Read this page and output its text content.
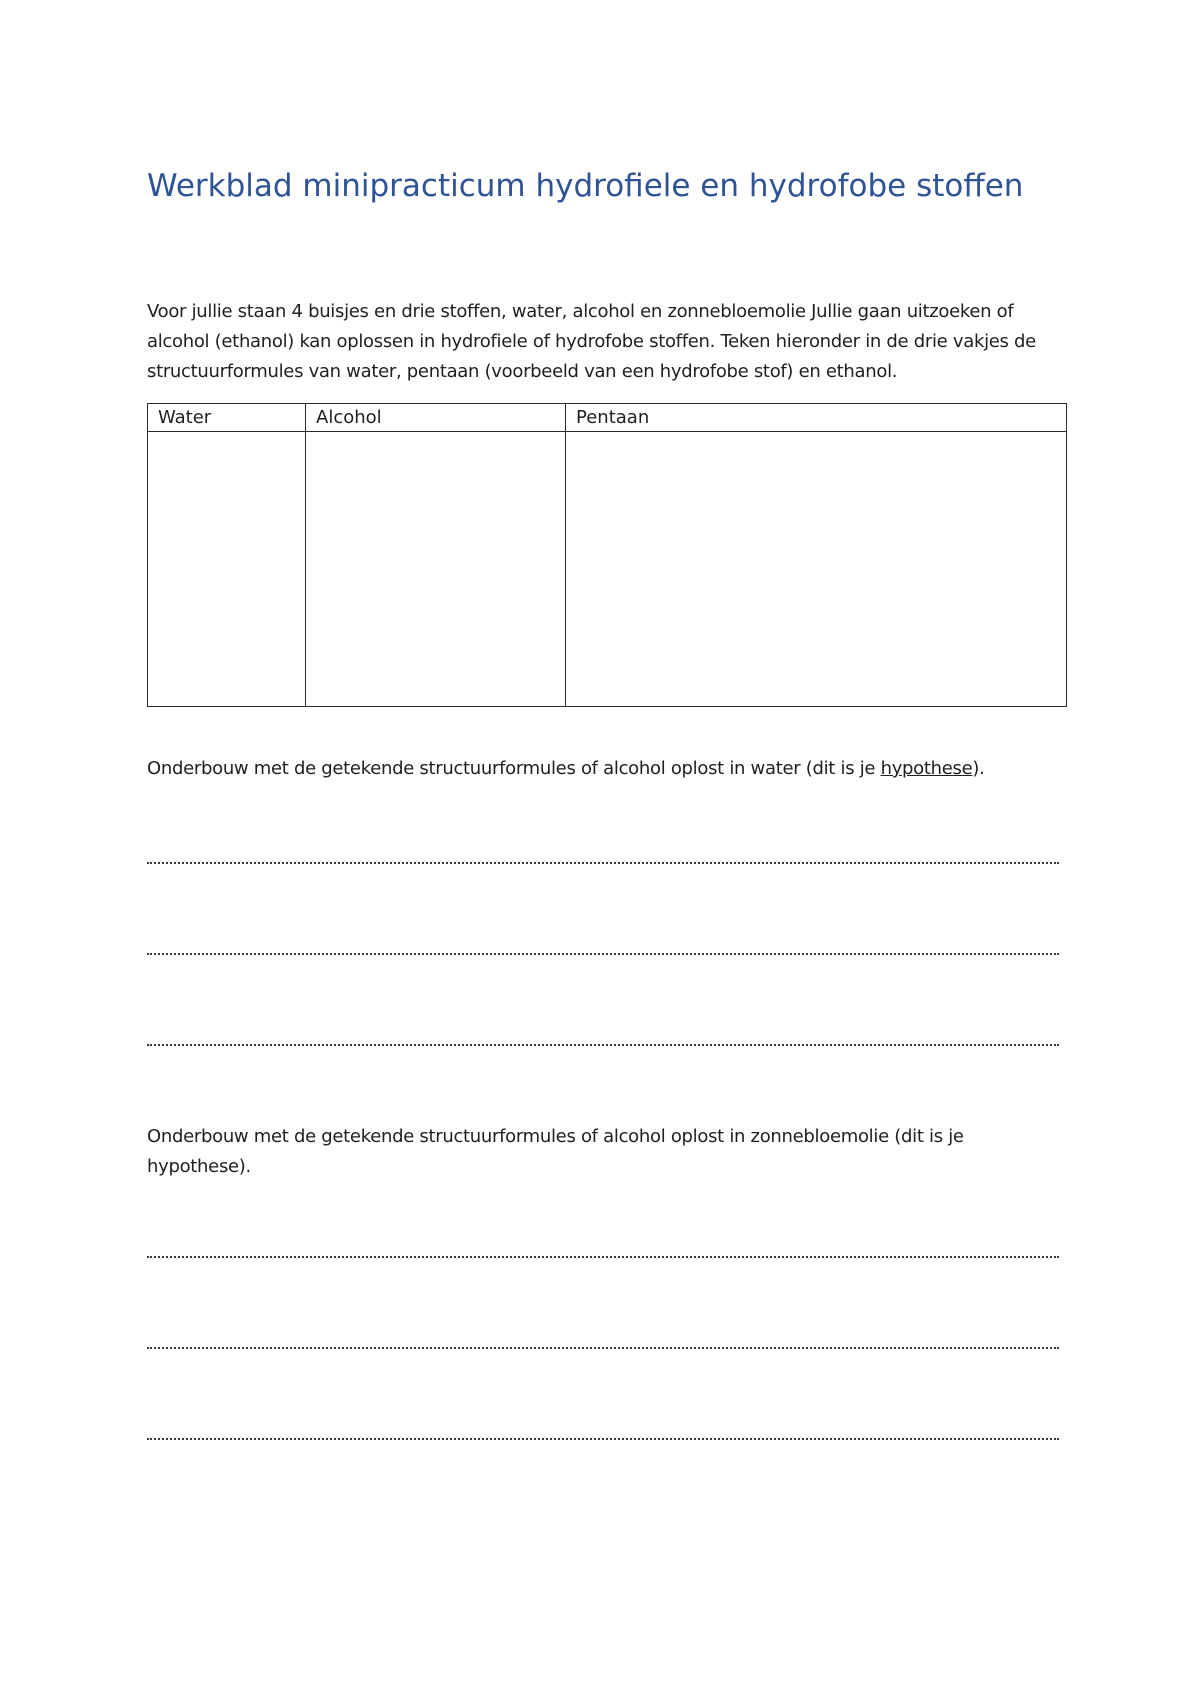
Werkblad minipracticum hydrofiele en hydrofobe stoffen

Voor jullie staan 4 buisjes en drie stoffen, water, alcohol en zonnebloemolie Jullie gaan uitzoeken of alcohol (ethanol) kan oplossen in hydrofiele of hydrofobe stoffen. Teken hieronder in de drie vakjes de structuurformules van water, pentaan (voorbeeld van een hydrofobe stof) en ethanol.

Water	Alcohol	Pentaan

Onderbouw met de getekende structuurformules of alcohol oplost in water (dit is je hypothese).

Onderbouw met de getekende structuurformules of alcohol oplost in zonnebloemolie (dit is je hypothese).
